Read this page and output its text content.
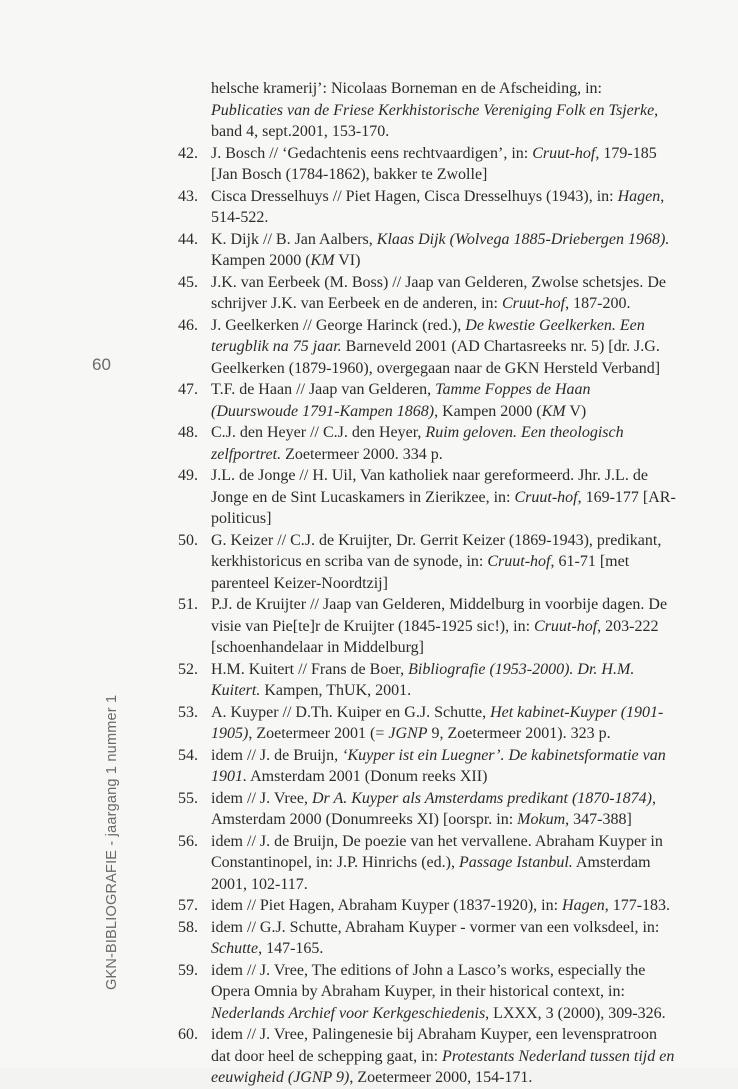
60
GKN-BIBLIOGRAFIE - jaargang 1 nummer 1
helsche kramerij’: Nicolaas Borneman en de Afscheiding, in: Publicaties van de Friese Kerkhistorische Vereniging Folk en Tsjerke, band 4, sept.2001, 153-170.
42. J. Bosch // ‘Gedachtenis eens rechtvaardigen’, in: Cruut-hof, 179-185 [Jan Bosch (1784-1862), bakker te Zwolle]
43. Cisca Dresselhuys // Piet Hagen, Cisca Dresselhuys (1943), in: Hagen, 514-522.
44. K. Dijk // B. Jan Aalbers, Klaas Dijk (Wolvega 1885-Driebergen 1968). Kampen 2000 (KM VI)
45. J.K. van Eerbeek (M. Boss) // Jaap van Gelderen, Zwolse schetsjes. De schrijver J.K. van Eerbeek en de anderen, in: Cruut-hof, 187-200.
46. J. Geelkerken // George Harinck (red.), De kwestie Geelkerken. Een terugblik na 75 jaar. Barneveld 2001 (AD Chartasreeks nr. 5) [dr. J.G. Geelkerken (1879-1960), overgegaan naar de GKN Hersteld Verband]
47. T.F. de Haan // Jaap van Gelderen, Tamme Foppes de Haan (Duurswoude 1791-Kampen 1868), Kampen 2000 (KM V)
48. C.J. den Heyer // C.J. den Heyer, Ruim geloven. Een theologisch zelfportret. Zoetermeer 2000. 334 p.
49. J.L. de Jonge // H. Uil, Van katholiek naar gereformeerd. Jhr. J.L. de Jonge en de Sint Lucaskamers in Zierikzee, in: Cruut-hof, 169-177 [AR-politicus]
50. G. Keizer // C.J. de Kruijter, Dr. Gerrit Keizer (1869-1943), predikant, kerkhistoricus en scriba van de synode, in: Cruut-hof, 61-71 [met parenteel Keizer-Noordtzij]
51. P.J. de Kruijter // Jaap van Gelderen, Middelburg in voorbije dagen. De visie van Pie[te]r de Kruijter (1845-1925 sic!), in: Cruut-hof, 203-222 [schoenhandelaar in Middelburg]
52. H.M. Kuitert // Frans de Boer, Bibliografie (1953-2000). Dr. H.M. Kuitert. Kampen, ThUK, 2001.
53. A. Kuyper // D.Th. Kuiper en G.J. Schutte, Het kabinet-Kuyper (1901-1905), Zoetermeer 2001 (= JGNP 9, Zoetermeer 2001). 323 p.
54. idem // J. de Bruijn, ‘Kuyper ist ein Luegner’. De kabinetsformatie van 1901. Amsterdam 2001 (Donum reeks XII)
55. idem // J. Vree, Dr A. Kuyper als Amsterdams predikant (1870-1874), Amsterdam 2000 (Donumreeks XI) [oorspr. in: Mokum, 347-388]
56. idem // J. de Bruijn, De poezie van het vervallene. Abraham Kuyper in Constantinopel, in: J.P. Hinrichs (ed.), Passage Istanbul. Amsterdam 2001, 102-117.
57. idem // Piet Hagen, Abraham Kuyper (1837-1920), in: Hagen, 177-183.
58. idem // G.J. Schutte, Abraham Kuyper - vormer van een volksdeel, in: Schutte, 147-165.
59. idem // J. Vree, The editions of John a Lasco’s works, especially the Opera Omnia by Abraham Kuyper, in their historical context, in: Nederlands Archief voor Kerkgeschiedenis, LXXX, 3 (2000), 309-326.
60. idem // J. Vree, Palingenesie bij Abraham Kuyper, een levenspratroon dat door heel de schepping gaat, in: Protestants Nederland tussen tijd en eeuwigheid (JGNP 9), Zoetermeer 2000, 154-171.
